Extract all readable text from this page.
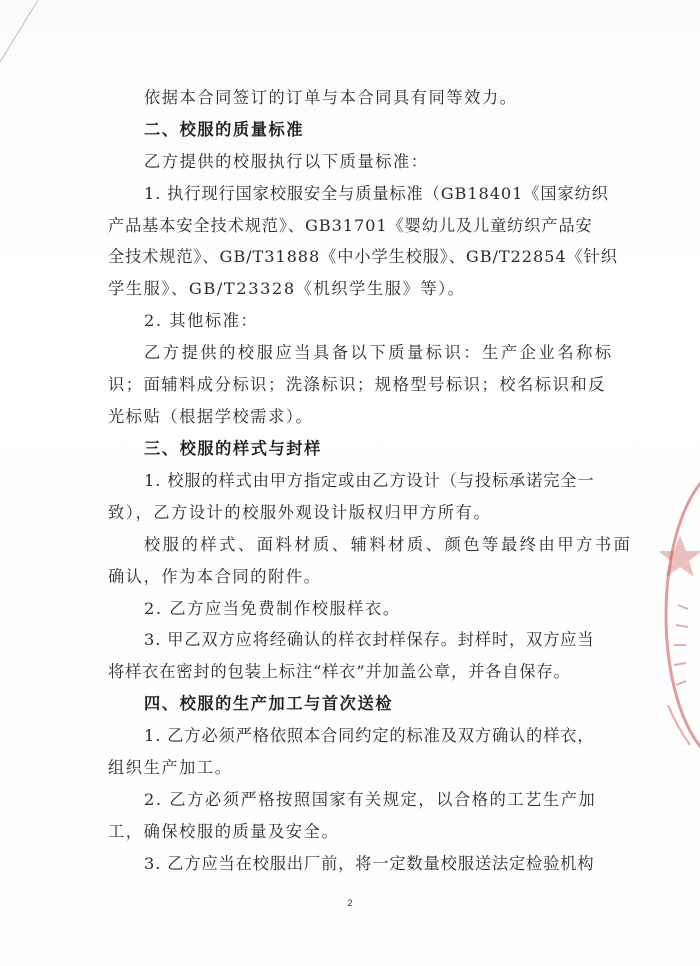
依据本合同签订的订单与本合同具有同等效力。
二、校服的质量标准
乙方提供的校服执行以下质量标准：
1. 执行现行国家校服安全与质量标准（GB18401《国家纺织
产品基本安全技术规范》、GB31701《婴幼儿及儿童纺织产品安
全技术规范》、GB/T31888《中小学生校服》、GB/T22854《针织
学生服》、GB/T23328《机织学生服》等）。
2. 其他标准：
乙方提供的校服应当具备以下质量标识：生产企业名称标
识；面辅料成分标识；洗涤标识；规格型号标识；校名标识和反
光标贴（根据学校需求）。
三、校服的样式与封样
1. 校服的样式由甲方指定或由乙方设计（与投标承诺完全一
致），乙方设计的校服外观设计版权归甲方所有。
校服的样式、面料材质、辅料材质、颜色等最终由甲方书面
确认，作为本合同的附件。
2. 乙方应当免费制作校服样衣。
3. 甲乙双方应将经确认的样衣封样保存。封样时，双方应当
将样衣在密封的包装上标注“样衣”并加盖公章，并各自保存。
四、校服的生产加工与首次送检
1. 乙方必须严格依照本合同约定的标准及双方确认的样衣，
组织生产加工。
2. 乙方必须严格按照国家有关规定，以合格的工艺生产加
工，确保校服的质量及安全。
3. 乙方应当在校服出厂前，将一定数量校服送法定检验机构
2
